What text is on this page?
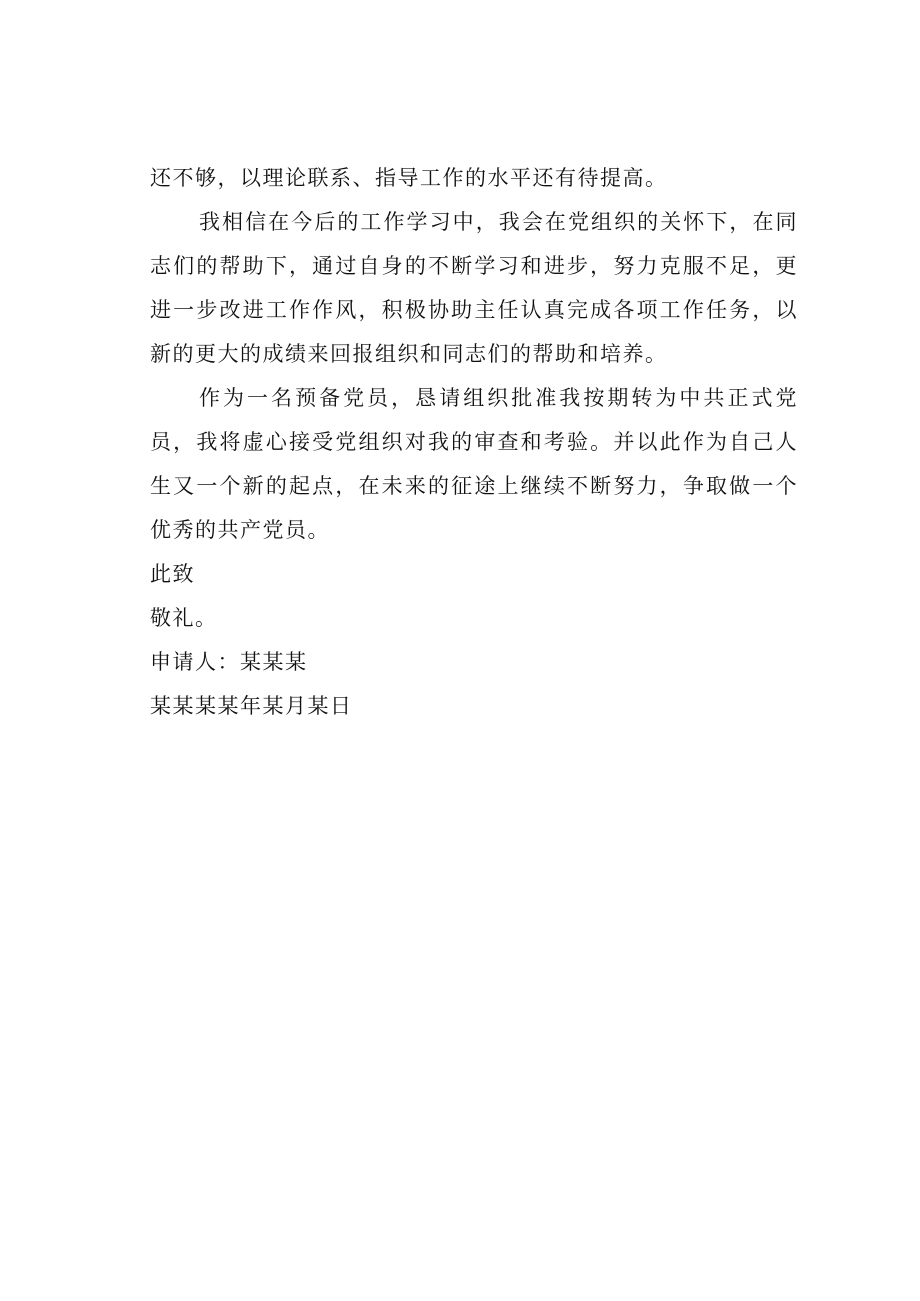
还不够，以理论联系、指导工作的水平还有待提高。

我相信在今后的工作学习中，我会在党组织的关怀下，在同志们的帮助下，通过自身的不断学习和进步，努力克服不足，更进一步改进工作作风，积极协助主任认真完成各项工作任务，以新的更大的成绩来回报组织和同志们的帮助和培养。

作为一名预备党员，恳请组织批准我按期转为中共正式党员，我将虚心接受党组织对我的审查和考验。并以此作为自己人生又一个新的起点，在未来的征途上继续不断努力，争取做一个优秀的共产党员。

此致

敬礼。

申请人：某某某

某某某某年某月某日
